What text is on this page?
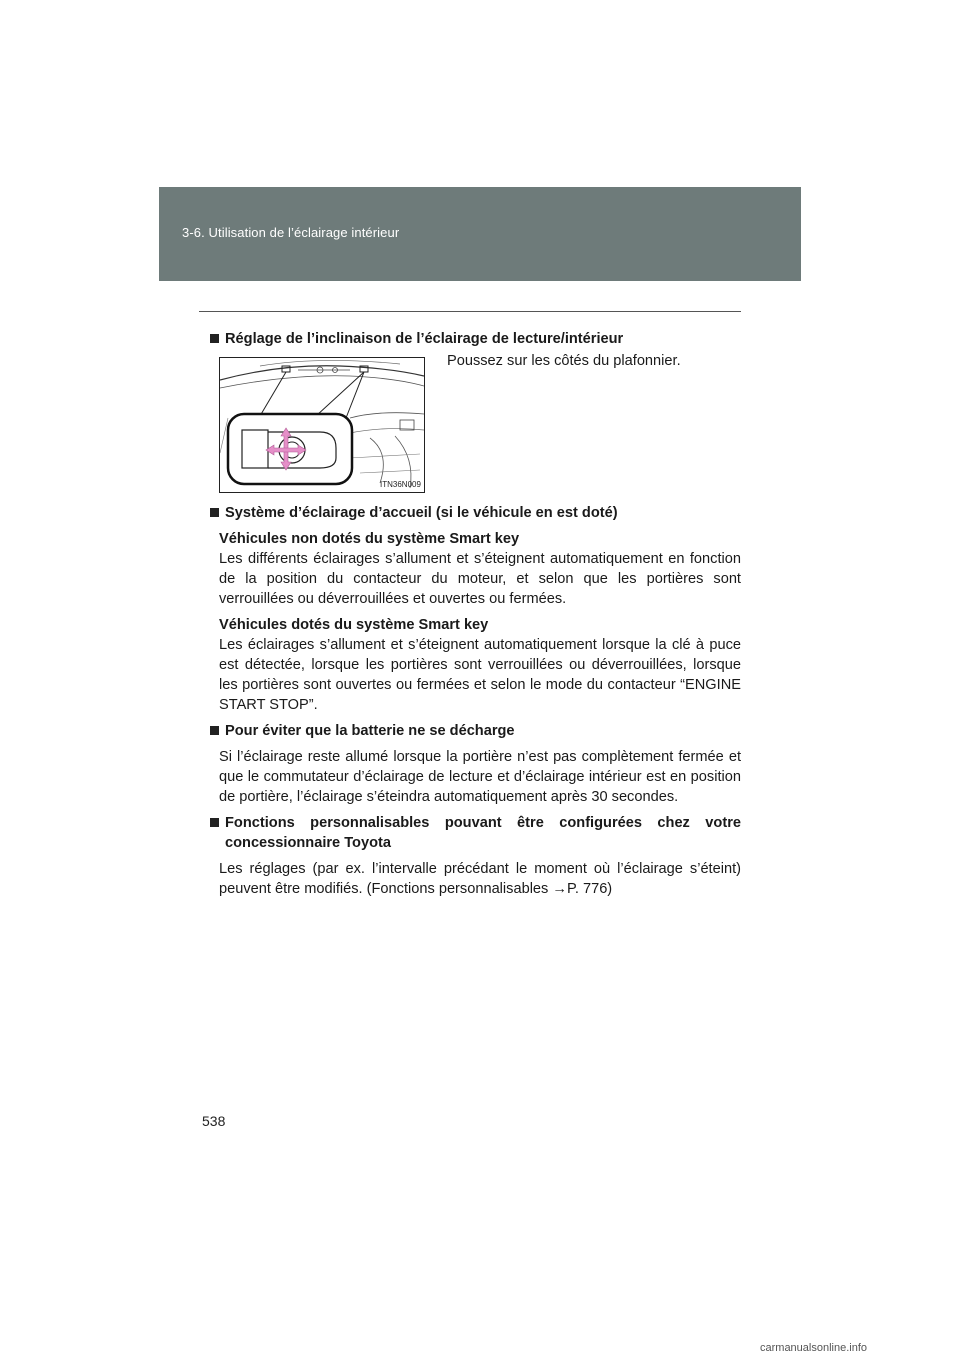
3-6. Utilisation de l’éclairage intérieur
Réglage de l’inclinaison de l’éclairage de lecture/intérieur
ITN36N009
Poussez sur les côtés du plafonnier.
Système d’éclairage d’accueil (si le véhicule en est doté)
Véhicules non dotés du système Smart key
Les différents éclairages s’allument et s’éteignent automatiquement en fonction de la position du contacteur du moteur, et selon que les portières sont verrouillées ou déverrouillées et ouvertes ou fermées.
Véhicules dotés du système Smart key
Les éclairages s’allument et s’éteignent automatiquement lorsque la clé à puce est détectée, lorsque les portières sont verrouillées ou déverrouillées, lorsque les portières sont ouvertes ou fermées et selon le mode du contacteur “ENGINE START STOP”.
Pour éviter que la batterie ne se décharge
Si l’éclairage reste allumé lorsque la portière n’est pas complètement fermée et que le commutateur d’éclairage de lecture et d’éclairage intérieur est en position de portière, l’éclairage s’éteindra automatiquement après 30 secondes.
Fonctions personnalisables pouvant être configurées chez votre concessionnaire Toyota
Les réglages (par ex. l’intervalle précédant le moment où l’éclairage s’éteint) peuvent être modifiés. (Fonctions personnalisables →P. 776)
538
carmanualsonline.info
